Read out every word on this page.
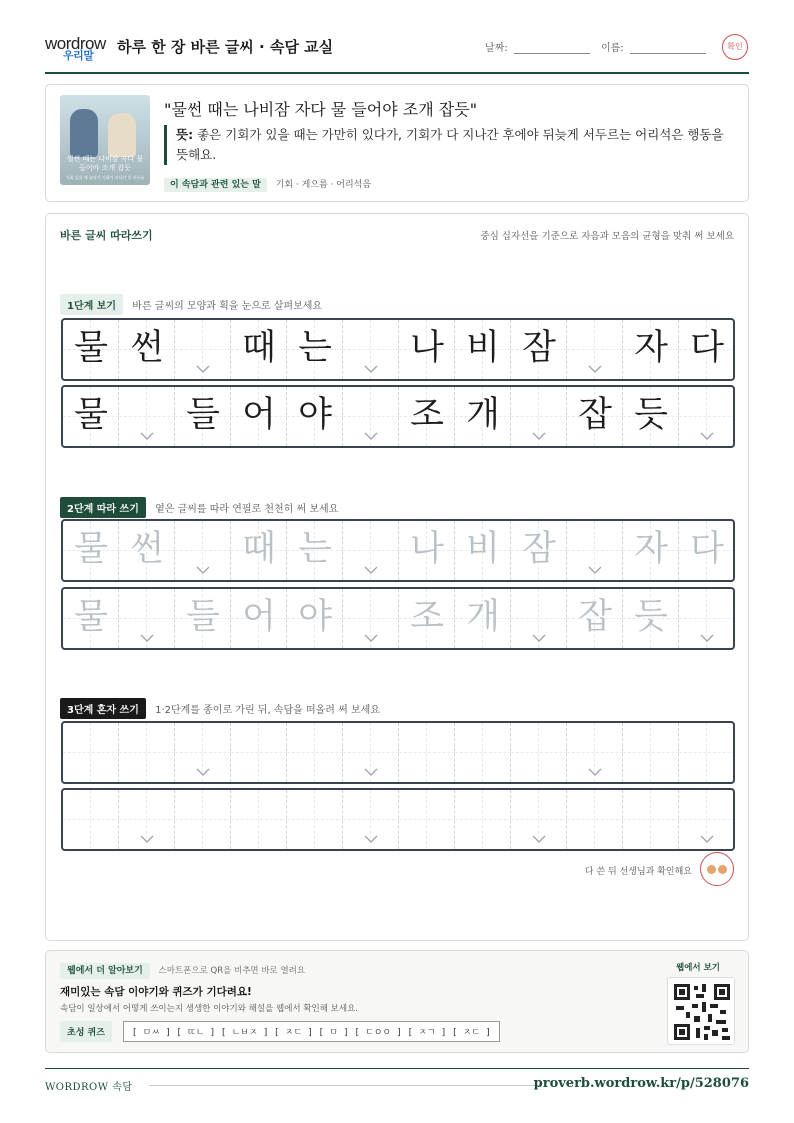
wordrow
우리말 하루 한 장 바른 글씨 · 속담 교실	날짜:	이름:	확인
썰썬 때는 나비잠 자다 물 들어야 조개 잡듯
기회 있을 때 놀다가 기회가 지나간 후 서두름
"물썬 때는 나비잠 자다 물 들어야 조개 잡듯"
뜻: 좋은 기회가 있을 때는 가만히 있다가, 기회가 다 지나간 후에야 뒤늦게 서두르는 어리석은 행동을 뜻해요.
이 속담과 관련 있는 말 기회 · 게으름 · 어리석음
바른 글씨 따라쓰기	중심 십자선을 기준으로 자음과 모음의 균형을 맞춰 써 보세요
1단계 보기 바른 글씨의 모양과 획을 눈으로 살펴보세요
물 썬	때 는	나 비 잠	자 다
물	들 어 야	조 개	잡 듯
2단계 따라 쓰기 옅은 글씨를 따라 연필로 천천히 써 보세요
물 썬	때 는	나 비 잠	자 다
물	들 어 야	조 개	잡 듯
3단계 혼자 쓰기 1·2단계를 종이로 가린 뒤, 속담을 떠올려 써 보세요
다 쓴 뒤 선생님과 확인해요
웹에서 더 알아보기 스마트폰으로 QR을 비추면 바로 열려요
재미있는 속담 이야기와 퀴즈가 기다려요!
속담이 일상에서 어떻게 쓰이는지 생생한 이야기와 해설을 웹에서 확인해 보세요.
초성 퀴즈	[ ㅁㅆ ] [ ㄸㄴ ] [ ㄴㅂㅈ ] [ ㅈㄷ ] [ ㅁ ] [ ㄷㅇㅇ ] [ ㅈㄱ ] [ ㅈㄷ ]
웹에서 보기
WORDROW 속담	proverb.wordrow.kr/p/528076
